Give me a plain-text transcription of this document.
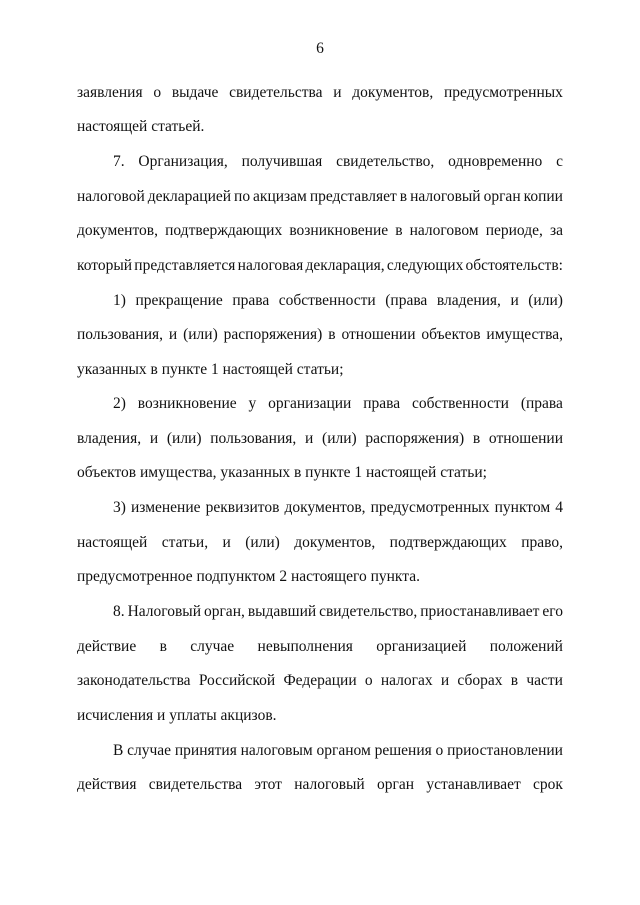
6
заявления о выдаче свидетельства и документов, предусмотренных
настоящей статьей.
7. Организация, получившая свидетельство, одновременно с
налоговой декларацией по акцизам представляет в налоговый орган копии
документов, подтверждающих возникновение в налоговом периоде, за
который представляется налоговая декларация, следующих обстоятельств:
1) прекращение права собственности (права владения, и (или)
пользования, и (или) распоряжения) в отношении объектов имущества,
указанных в пункте 1 настоящей статьи;
2) возникновение у организации права собственности (права
владения, и (или) пользования, и (или) распоряжения) в отношении
объектов имущества, указанных в пункте 1 настоящей статьи;
3) изменение реквизитов документов, предусмотренных пунктом 4
настоящей статьи, и (или) документов, подтверждающих право,
предусмотренное подпунктом 2 настоящего пункта.
8. Налоговый орган, выдавший свидетельство, приостанавливает его
действие в случае невыполнения организацией положений
законодательства Российской Федерации о налогах и сборах в части
исчисления и уплаты акцизов.
В случае принятия налоговым органом решения о приостановлении
действия свидетельства этот налоговый орган устанавливает срок
